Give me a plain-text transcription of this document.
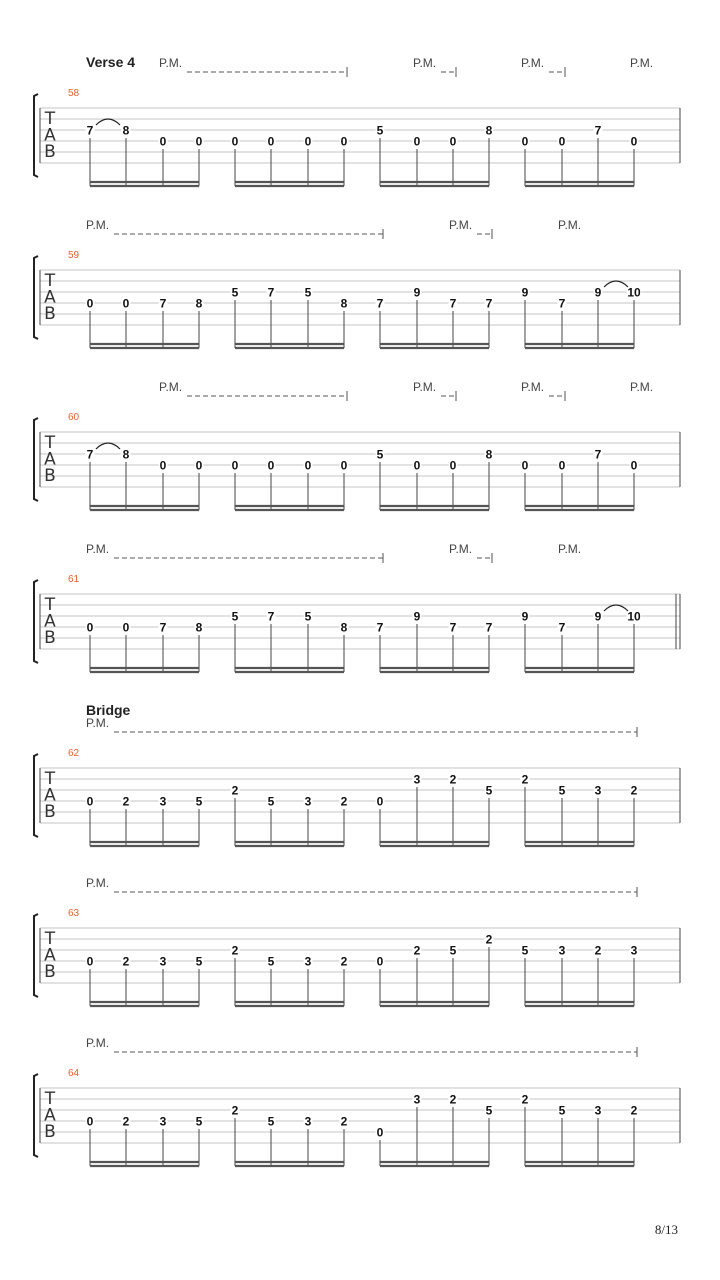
Verse 4
58
T
A
B
7 8
0 0 0 0	0 0
5
0 0
8
0	0
7
0
P.M.	P.M.	P.M.	P.M.
59
T
A
B
0 0	7 8
5 7	5
8 7
9
7 7
9
7
9 10
P.M.	P.M.	P.M.
60
T
A
B
7 8
0 0 0 0	0 0
5
0 0
8
0	0
7
0
P.M.	P.M.	P.M.	P.M.
61
T
A
B
0 0	7 8
5 7	5
8 7
9
7 7
9
7
9 10
P.M.	P.M.	P.M.
Bridge
62
T
A
B
0 2	3 5
2
5	3 2 0
3 2
5
2
5 3 2
P.M.
63
T
A
B
0 2	3 5
2
5	3 2 0
2 5
2
5	3 2 3
P.M.
64
T
A
B
0 2	3 5
2
5	3 2
0
3 2
5
2
5 3 2
P.M.
8/13
